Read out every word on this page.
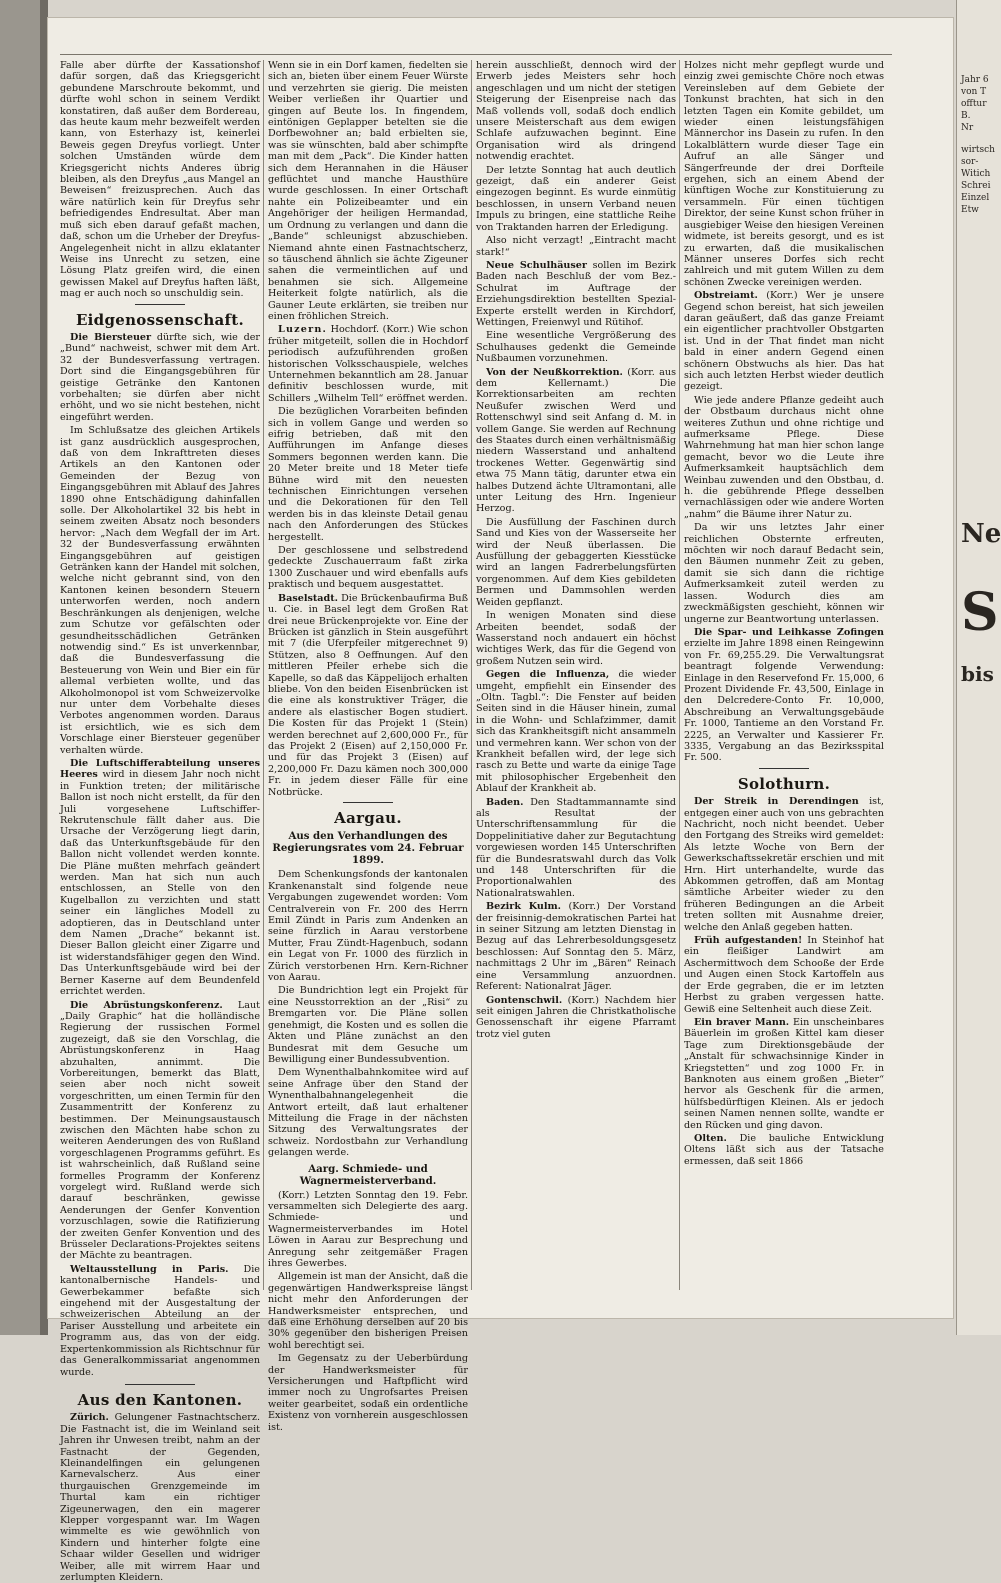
Falle aber dürfte der Kassationshof dafür sorgen, daß das Kriegsgericht gebundene Marschroute bekommt, und dürfte wohl schon in seinem Verdikt konstatiren, daß außer dem Bordereau, das heute kaum mehr bezweifelt werden kann, von Esterhazy ist, keinerlei Beweis gegen Dreyfus vorliegt. Unter solchen Umständen würde dem Kriegsgericht nichts Anderes übrig bleiben, als den Dreyfus „aus Mangel an Beweisen“ freizusprechen. Auch das wäre natürlich kein für Dreyfus sehr befriedigendes Endresultat. Aber man muß sich eben darauf gefaßt machen, daß, schon um die Urheber der Dreyfus-Angelegenheit nicht in allzu eklatanter Weise ins Unrecht zu setzen, eine Lösung Platz greifen wird, die einen gewissen Makel auf Dreyfus haften läßt, mag er auch noch so unschuldig sein.

Eidgenossenschaft.

Die Biersteuer dürfte sich, wie der „Bund“ nachweist, schwer mit dem Art. 32 der Bundesverfassung vertragen. Dort sind die Eingangsgebühren für geistige Getränke den Kantonen vorbehalten; sie dürfen aber nicht erhöht, und wo sie nicht bestehen, nicht eingeführt werden.

Im Schlußsatze des gleichen Artikels ist ganz ausdrücklich ausgesprochen, daß von dem Inkrafttreten dieses Artikels an den Kantonen oder Gemeinden der Bezug von Eingangsgebühren mit Ablauf des Jahres 1890 ohne Entschädigung dahinfallen solle. Der Alkoholartikel 32 bis hebt in seinem zweiten Absatz noch besonders hervor: „Nach dem Wegfall der im Art. 32 der Bundesverfassung erwähnten Eingangsgebühren auf geistigen Getränken kann der Handel mit solchen, welche nicht gebrannt sind, von den Kantonen keinen besondern Steuern unterworfen werden, noch andern Beschränkungen als denjenigen, welche zum Schutze vor gefälschten oder gesundheitsschädlichen Getränken notwendig sind.“ Es ist unverkennbar, daß die Bundesverfassung die Besteuerung von Wein und Bier ein für allemal verbieten wollte, und das Alkoholmonopol ist vom Schweizervolke nur unter dem Vorbehalte dieses Verbotes angenommen worden. Daraus ist ersichtlich, wie es sich dem Vorschlage einer Biersteuer gegenüber verhalten würde.

Die Luftschifferabteilung unseres Heeres wird in diesem Jahr noch nicht in Funktion treten; der militärische Ballon ist noch nicht erstellt, da für den Juli vorgesehene Luftschiffer-Rekrutenschule fällt daher aus. Die Ursache der Verzögerung liegt darin, daß das Unterkunftsgebäude für den Ballon nicht vollendet werden konnte. Die Pläne mußten mehrfach geändert werden. Man hat sich nun auch entschlossen, an Stelle von den Kugelballon zu verzichten und statt seiner ein längliches Modell zu adoptieren, das in Deutschland unter dem Namen „Drache“ bekannt ist. Dieser Ballon gleicht einer Zigarre und ist widerstandsfähiger gegen den Wind. Das Unterkunftsgebäude wird bei der Berner Kaserne auf dem Beundenfeld errichtet werden.

Die Abrüstungskonferenz. Laut „Daily Graphic“ hat die holländische Regierung der russischen Formel zugezeigt, daß sie den Vorschlag, die Abrüstungskonferenz in Haag abzuhalten, annimmt. Die Vorbereitungen, bemerkt das Blatt, seien aber noch nicht soweit vorgeschritten, um einen Termin für den Zusammentritt der Konferenz zu bestimmen. Der Meinungsaustausch zwischen den Mächten habe schon zu weiteren Aenderungen des von Rußland vorgeschlagenen Programms geführt. Es ist wahrscheinlich, daß Rußland seine formelles Programm der Konferenz vorgelegt wird. Rußland werde sich darauf beschränken, gewisse Aenderungen der Genfer Konvention vorzuschlagen, sowie die Ratifizierung der zweiten Genfer Konvention und des Brüsseler Declarations-Projektes seitens der Mächte zu beantragen.

Weltausstellung in Paris. Die kantonalbernische Handels- und Gewerbekammer befaßte sich eingehend mit der Ausgestaltung der schweizerischen Abteilung an der Pariser Ausstellung und arbeitete ein Programm aus, das von der eidg. Expertenkommission als Richtschnur für das Generalkommissariat angenommen wurde.

Aus den Kantonen.

Zürich. Gelungener Fastnachtscherz. Die Fastnacht ist, die im Weinland seit Jahren ihr Unwesen treibt, nahm an der Fastnacht der Gegenden, Kleinandelfingen ein gelungenen Karnevalscherz. Aus einer thurgauischen Grenzgemeinde im Thurtal kam ein richtiger Zigeunerwagen, den ein magerer Klepper vorgespannt war. Im Wagen wimmelte es wie gewöhnlich von Kindern und hinterher folgte eine Schaar wilder Gesellen und widriger Weiber, alle mit wirrem Haar und zerlumpten Kleidern.

Wenn sie in ein Dorf kamen, fiedelten sie sich an, bieten über einem Feuer Würste und verzehrten sie gierig. Die meisten Weiber verließen ihr Quartier und gingen auf Beute los. In fingendem, eintönigen Geplapper betelten sie die Dorfbewohner an; bald erbielten sie, was sie wünschten, bald aber schimpfte man mit dem „Pack“. Die Kinder hatten sich dem Herannahen in die Häuser geflüchtet und manche Hausthüre wurde geschlossen. In einer Ortschaft nahte ein Polizeibeamter und ein Angehöriger der heiligen Hermandad, um Ordnung zu verlangen und dann die „Bande“ schleunigst abzuschieben. Niemand ahnte einen Fastnachtscherz, so täuschend ähnlich sie ächte Zigeuner sahen die vermeintlichen auf und benahmen sie sich. Allgemeine Heiterkeit folgte natürlich, als die Gauner Leute erklärten, sie treiben nur einen fröhlichen Streich.

Luzern. Hochdorf. (Korr.) Wie schon früher mitgeteilt, sollen die in Hochdorf periodisch aufzuführenden großen historischen Volksschauspiele, welches Unternehmen bekanntlich am 28. Januar definitiv beschlossen wurde, mit Schillers „Wilhelm Tell“ eröffnet werden.

Die bezüglichen Vorarbeiten befinden sich in vollem Gange und werden so eifrig betrieben, daß mit den Aufführungen im Anfange dieses Sommers begonnen werden kann. Die 20 Meter breite und 18 Meter tiefe Bühne wird mit den neuesten technischen Einrichtungen versehen und die Dekorationen für den Tell werden bis in das kleinste Detail genau nach den Anforderungen des Stückes hergestellt.

Der geschlossene und selbstredend gedeckte Zuschauerraum faßt zirka 1300 Zuschauer und wird ebenfalls aufs praktisch und bequem ausgestattet.

Baselstadt. Die Brückenbaufirma Buß u. Cie. in Basel legt dem Großen Rat drei neue Brückenprojekte vor. Eine der Brücken ist gänzlich in Stein ausgeführt mit 7 (die Uferpfeiler mitgerechnet 9) Stützen, also 8 Oeffnungen. Auf den mittleren Pfeiler erhebe sich die Kapelle, so daß das Käppelijoch erhalten bliebe. Von den beiden Eisenbrücken ist die eine als konstruktiver Träger, die andere als elastischer Bogen studiert. Die Kosten für das Projekt 1 (Stein) werden berechnet auf 2,600,000 Fr., für das Projekt 2 (Eisen) auf 2,150,000 Fr. und für das Projekt 3 (Eisen) auf 2,200,000 Fr. Dazu kämen noch 300,000 Fr. in jedem dieser Fälle für eine Notbrücke.

Aargau.
Aus den Verhandlungen des Regierungsrates vom 24. Februar 1899.

Dem Schenkungsfonds der kantonalen Krankenanstalt sind folgende neue Vergabungen zugewendet worden: Vom Centralverein von Fr. 200 des Herrn Emil Zündt in Paris zum Andenken an seine fürzlich in Aarau verstorbene Mutter, Frau Zündt-Hagenbuch, sodann ein Legat von Fr. 1000 des fürzlich in Zürich verstorbenen Hrn. Kern-Richner von Aarau.

Die Bundrichtion legt ein Projekt für eine Neusstorrektion an der „Risi“ zu Bremgarten vor. Die Pläne sollen genehmigt, die Kosten und es sollen die Akten und Pläne zunächst an den Bundesrat mit dem Gesuche um Bewilligung einer Bundessubvention.

Dem Wynenthalbahnkomitee wird auf seine Anfrage über den Stand der Wynenthalbahnangelegenheit die Antwort erteilt, daß laut erhaltener Mitteilung die Frage in der nächsten Sitzung des Verwaltungsrates der schweiz. Nordostbahn zur Verhandlung gelangen werde.

Aarg. Schmiede- und Wagnermeisterverband.

(Korr.) Letzten Sonntag den 19. Febr. versammelten sich Delegierte des aarg. Schmiede- und Wagnermeisterverbandes im Hotel Löwen in Aarau zur Besprechung und Anregung sehr zeitgemäßer Fragen ihres Gewerbes.

Allgemein ist man der Ansicht, daß die gegenwärtigen Handwerkspreise längst nicht mehr den Anforderungen der Handwerksmeister entsprechen, und daß eine Erhöhung derselben auf 20 bis 30% gegenüber den bisherigen Preisen wohl berechtigt sei.

Im Gegensatz zu der Ueberbürdung der Handwerksmeister für Versicherungen und Haftpflicht wird immer noch zu Ungrofsartes Preisen weiter gearbeitet, sodaß ein ordentliche Existenz von vornherein ausgeschlossen ist.

herein ausschließt, dennoch wird der Erwerb jedes Meisters sehr hoch angeschlagen und um nicht der stetigen Steigerung der Eisenpreise nach das Maß vollends voll, sodaß doch endlich unsere Meisterschaft aus dem ewigen Schlafe aufzuwachen beginnt. Eine Organisation wird als dringend notwendig erachtet.

Der letzte Sonntag hat auch deutlich gezeigt, daß ein anderer Geist eingezogen beginnt. Es wurde einmütig beschlossen, in unsern Verband neuen Impuls zu bringen, eine stattliche Reihe von Traktanden harren der Erledigung.

Also nicht verzagt! „Eintracht macht stark!“

Neue Schulhäuser sollen im Bezirk Baden nach Beschluß der vom Bez.-Schulrat im Auftrage der Erziehungsdirektion bestellten Spezial-Experte erstellt werden in Kirchdorf, Wettingen, Freienwyl und Rütihof.

Eine wesentliche Vergrößerung des Schulhauses gedenkt die Gemeinde Nußbaumen vorzunehmen.

Von der Neußkorrektion. (Korr. aus dem Kellernamt.) Die Korrektionsarbeiten am rechten Neußufer zwischen Werd und Rottenschwyl sind seit Anfang d. M. in vollem Gange. Sie werden auf Rechnung des Staates durch einen verhältnismäßig niedern Wasserstand und anhaltend trockenes Wetter. Gegenwärtig sind etwa 75 Mann tätig, darunter etwa ein halbes Dutzend ächte Ultramontani, alle unter Leitung des Hrn. Ingenieur Herzog.

Die Ausfüllung der Faschinen durch Sand und Kies von der Wasserseite her wird der Neuß überlassen. Die Ausfüllung der gebaggerten Kiesstücke wird an langen Fadrerbelungsfürten vorgenommen. Auf dem Kies gebildeten Bermen und Dammsohlen werden Weiden gepflanzt.

In wenigen Monaten sind diese Arbeiten beendet, sodaß der Wasserstand noch andauert ein höchst wichtiges Werk, das für die Gegend von großem Nutzen sein wird.

Gegen die Influenza, die wieder umgeht, empfiehlt ein Einsender des „Oltn. Tagbl.“: Die Fenster auf beiden Seiten sind in die Häuser hinein, zumal in die Wohn- und Schlafzimmer, damit sich das Krankheitsgift nicht ansammeln und vermehren kann. Wer schon von der Krankheit befallen wird, der lege sich rasch zu Bette und warte da einige Tage mit philosophischer Ergebenheit den Ablauf der Krankheit ab.

Baden. Den Stadtammannamte sind als Resultat der Unterschriftensammlung für die Doppelinitiative daher zur Begutachtung vorgewiesen worden 145 Unterschriften für die Bundesratswahl durch das Volk und 148 Unterschriften für die Proportionalwahlen des Nationalratswahlen.

Bezirk Kulm. (Korr.) Der Vorstand der freisinnig-demokratischen Partei hat in seiner Sitzung am letzten Dienstag in Bezug auf das Lehrerbesoldungsgesetz beschlossen: Auf Sonntag den 5. März, nachmittags 2 Uhr im „Bären“ Reinach eine Versammlung anzuordnen. Referent: Nationalrat Jäger.

Gontenschwil. (Korr.) Nachdem hier seit einigen Jahren die Christkatholische Genossenschaft ihr eigene Pfarramt trotz viel guten

Holzes nicht mehr gepflegt wurde und einzig zwei gemischte Chöre noch etwas Vereinsleben auf dem Gebiete der Tonkunst brachten, hat sich in den letzten Tagen ein Komite gebildet, um wieder einen leistungsfähigen Männerchor ins Dasein zu rufen. In den Lokalblättern wurde dieser Tage ein Aufruf an alle Sänger und Sängerfreunde der drei Dorfteile ergehen, sich an einem Abend der künftigen Woche zur Konstituierung zu versammeln. Für einen tüchtigen Direktor, der seine Kunst schon früher in ausgiebiger Weise den hiesigen Vereinen widmete, ist bereits gesorgt, und es ist zu erwarten, daß die musikalischen Männer unseres Dorfes sich recht zahlreich und mit gutem Willen zu dem schönen Zwecke vereinigen werden.

Obstreiamt. (Korr.) Wer je unsere Gegend schon bereist, hat sich jeweilen daran geäußert, daß das ganze Freiamt ein eigentlicher prachtvoller Obstgarten ist. Und in der That findet man nicht bald in einer andern Gegend einen schönern Obstwuchs als hier. Das hat sich auch letzten Herbst wieder deutlich gezeigt.

Wie jede andere Pflanze gedeiht auch der Obstbaum durchaus nicht ohne weiteres Zuthun und ohne richtige und aufmerksame Pflege. Diese Wahrnehmung hat man hier schon lange gemacht, bevor wo die Leute ihre Aufmerksamkeit hauptsächlich dem Weinbau zuwenden und den Obstbau, d. h. die gebührende Pflege desselben vernachlässigen oder wie andere Worten „nahm“ die Bäume ihrer Natur zu.

Da wir uns letztes Jahr einer reichlichen Obsternte erfreuten, möchten wir noch darauf Bedacht sein, den Bäumen nunmehr Zeit zu geben, damit sie sich dann die richtige Aufmerksamkeit zuteil werden zu lassen. Wodurch dies am zweckmäßigsten geschieht, können wir ungerne zur Beantwortung unterlassen.

Die Spar- und Leihkasse Zofingen erzielte im Jahre 1898 einen Reingewinn von Fr. 69,255.29. Die Verwaltungsrat beantragt folgende Verwendung: Einlage in den Reservefond Fr. 15,000, 6 Prozent Dividende Fr. 43,500, Einlage in den Delcredere-Conto Fr. 10,000, Abschreibung an Verwaltungsgebäude Fr. 1000, Tantieme an den Vorstand Fr. 2225, an Verwalter und Kassierer Fr. 3335, Vergabung an das Bezirksspital Fr. 500.

Solothurn.

Der Streik in Derendingen ist, entgegen einer auch von uns gebrachten Nachricht, noch nicht beendet. Ueber den Fortgang des Streiks wird gemeldet: Als letzte Woche von Bern der Gewerkschaftssekretär erschien und mit Hrn. Hirt unterhandelte, wurde das Abkommen getroffen, daß am Montag sämtliche Arbeiter wieder zu den früheren Bedingungen an die Arbeit treten sollten mit Ausnahme dreier, welche den Anlaß gegeben hatten.

Früh aufgestanden! In Steinhof hat ein fleißiger Landwirt am Aschermittwoch dem Schooße der Erde und Augen einen Stock Kartoffeln aus der Erde gegraben, die er im letzten Herbst zu graben vergessen hatte. Gewiß eine Seltenheit auch diese Zeit.

Ein braver Mann. Ein unscheinbares Bäuerlein im großen Kittel kam dieser Tage zum Direktionsgebäude der „Anstalt für schwachsinnige Kinder in Kriegstetten“ und zog 1000 Fr. in Banknoten aus einem großen „Bieter“ hervor als Geschenk für die armen, hülfsbedürftigen Kleinen. Als er jedoch seinen Namen nennen sollte, wandte er den Rücken und ging davon.

Olten. Die bauliche Entwicklung Oltens läßt sich aus der Tatsache ermessen, daß seit 1866

Jahr 6
von T
offtur
B.
Nr
wirtsch
sor-
Witich
Schrei
Einzel
Etw
Ne
S
bis
